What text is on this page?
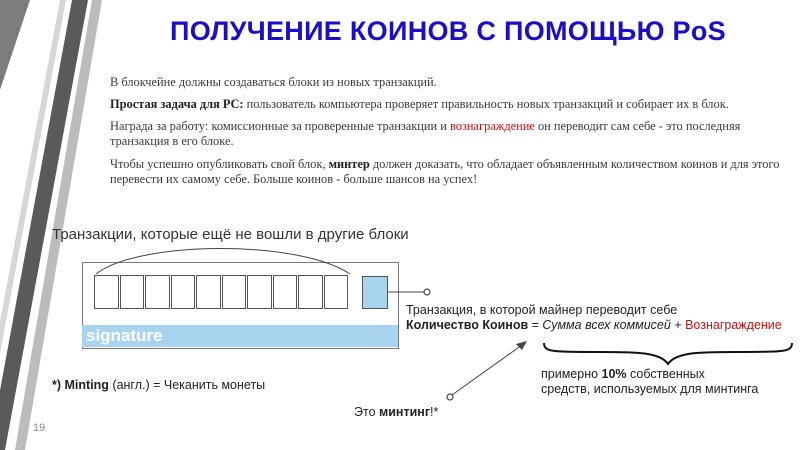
ПОЛУЧЕНИЕ КОИНОВ С ПОМОЩЬЮ PoS

В блокчейне должны создаваться блоки из новых транзакций.

Простая задача для PC: пользователь компьютера проверяет правильность новых транзакций и собирает их в блок.

Награда за работу: комиссионные за проверенные транзакции и вознаграждение он переводит сам себе - это последняя транзакция в его блоке.

Чтобы успешно опубликовать свой блок, минтер должен доказать, что обладает объявленным количеством коинов и для этого перевести их самому себе. Больше коинов - больше шансов на успех!

Транзакции, которые ещё не вошли в другие блоки
signature
Транзакция, в которой майнер переводит себе
Количество Коинов = Сумма всех коммисей + Вознаграждение
примерно 10% собственных
средств, используемых для минтинга
*) Minting (англ.) = Чеканить монеты
Это минтинг!*
19
